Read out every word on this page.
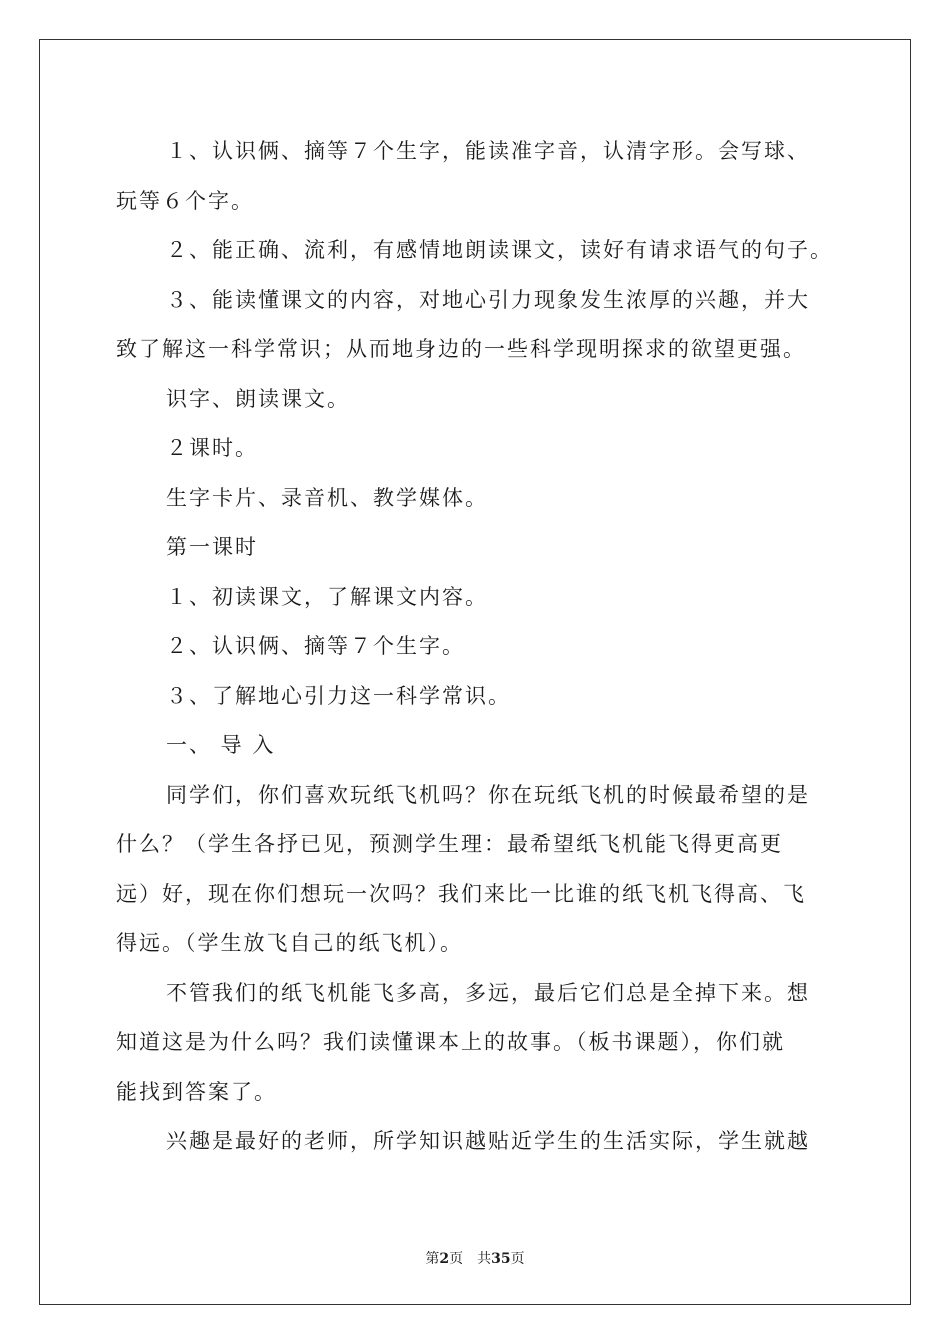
１、认识俩、摘等７个生字，能读准字音，认清字形。会写球、
玩等６个字。
２、能正确、流利，有感情地朗读课文，读好有请求语气的句子。
３、能读懂课文的内容，对地心引力现象发生浓厚的兴趣，并大
致了解这一科学常识；从而地身边的一些科学现明探求的欲望更强。
识字、朗读课文。
２课时。
生字卡片、录音机、教学媒体。
第一课时
１、初读课文，了解课文内容。
２、认识俩、摘等７个生字。
３、了解地心引力这一科学常识。
一、 导 入
同学们，你们喜欢玩纸飞机吗？你在玩纸飞机的时候最希望的是
什么？（学生各抒已见，预测学生理：最希望纸飞机能飞得更高更
远）好，现在你们想玩一次吗？我们来比一比谁的纸飞机飞得高、飞
得远。（学生放飞自己的纸飞机）。
不管我们的纸飞机能飞多高，多远，最后它们总是全掉下来。想
知道这是为什么吗？我们读懂课本上的故事。（板书课题），你们就
能找到答案了。
兴趣是最好的老师，所学知识越贴近学生的生活实际，学生就越
第2页　共35页
